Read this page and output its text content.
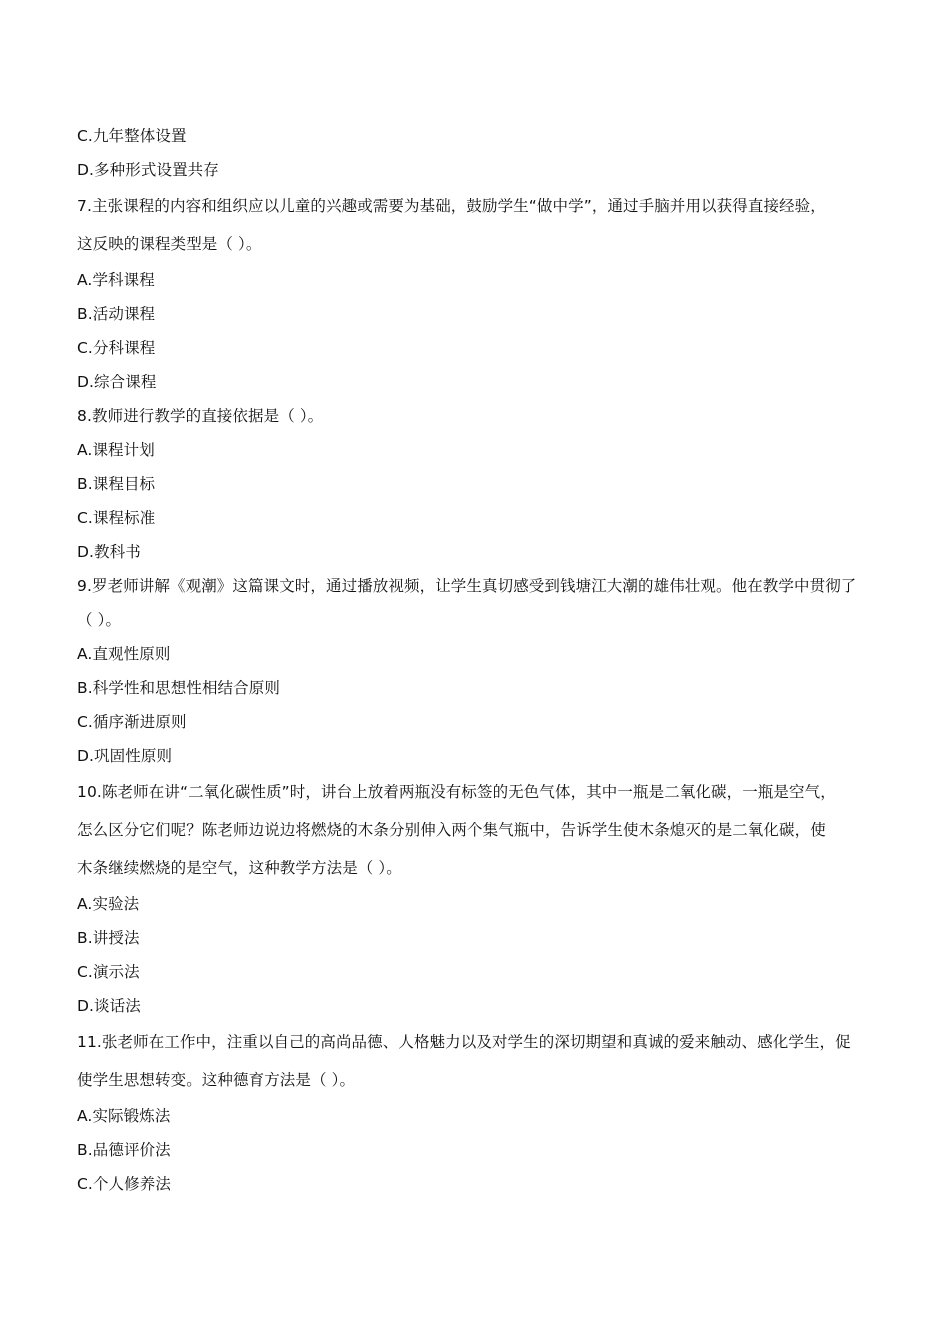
C.九年整体设置
D.多种形式设置共存
7.主张课程的内容和组织应以儿童的兴趣或需要为基础，鼓励学生“做中学”，通过手脑并用以获得直接经验，
这反映的课程类型是（ ）。
A.学科课程
B.活动课程
C.分科课程
D.综合课程
8.教师进行教学的直接依据是（ ）。
A.课程计划
B.课程目标
C.课程标准
D.教科书
9.罗老师讲解《观潮》这篇课文时，通过播放视频，让学生真切感受到钱塘江大潮的雄伟壮观。他在教学中贯彻了
（ ）。
A.直观性原则
B.科学性和思想性相结合原则
C.循序渐进原则
D.巩固性原则
10.陈老师在讲“二氧化碳性质”时，讲台上放着两瓶没有标签的无色气体，其中一瓶是二氧化碳，一瓶是空气，
怎么区分它们呢？陈老师边说边将燃烧的木条分别伸入两个集气瓶中，告诉学生使木条熄灭的是二氧化碳，使
木条继续燃烧的是空气，这种教学方法是（ ）。
A.实验法
B.讲授法
C.演示法
D.谈话法
11.张老师在工作中，注重以自己的高尚品德、人格魅力以及对学生的深切期望和真诚的爱来触动、感化学生，促
使学生思想转变。这种德育方法是（ ）。
A.实际锻炼法
B.品德评价法
C.个人修养法
